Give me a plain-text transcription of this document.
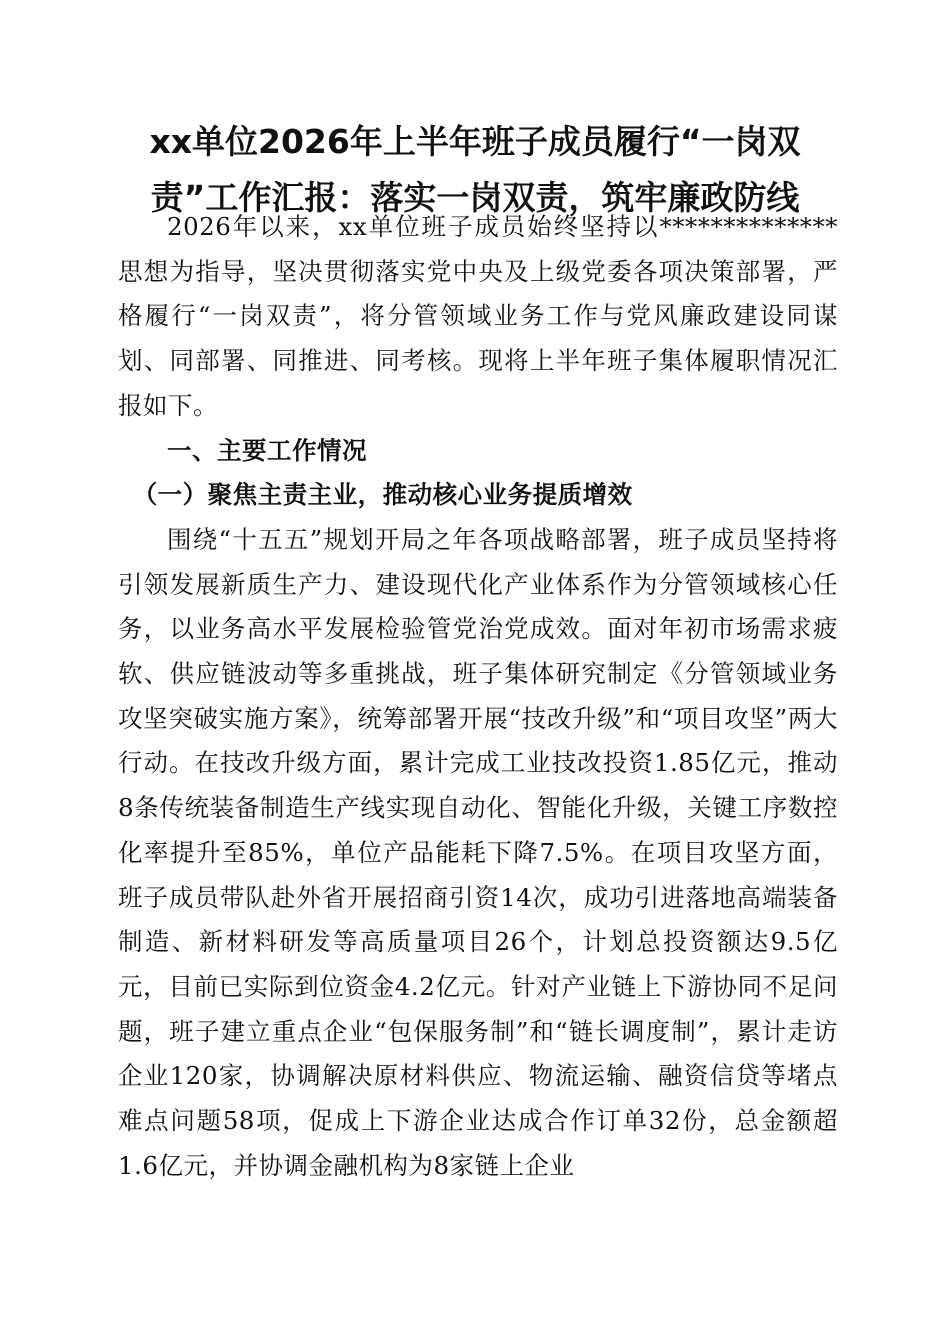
xx单位2026年上半年班子成员履行“一岗双责”工作汇报：落实一岗双责，筑牢廉政防线

2026年以来，xx单位班子成员始终坚持以**************思想为指导，坚决贯彻落实党中央及上级党委各项决策部署，严格履行“一岗双责”，将分管领域业务工作与党风廉政建设同谋划、同部署、同推进、同考核。现将上半年班子集体履职情况汇报如下。

一、主要工作情况

（一）聚焦主责主业，推动核心业务提质增效

围绕“十五五”规划开局之年各项战略部署，班子成员坚持将引领发展新质生产力、建设现代化产业体系作为分管领域核心任务，以业务高水平发展检验管党治党成效。面对年初市场需求疲软、供应链波动等多重挑战，班子集体研究制定《分管领域业务攻坚突破实施方案》，统筹部署开展“技改升级”和“项目攻坚”两大行动。在技改升级方面，累计完成工业技改投资1.85亿元，推动8条传统装备制造生产线实现自动化、智能化升级，关键工序数控化率提升至85%，单位产品能耗下降7.5%。在项目攻坚方面，班子成员带队赴外省开展招商引资14次，成功引进落地高端装备制造、新材料研发等高质量项目26个，计划总投资额达9.5亿元，目前已实际到位资金4.2亿元。针对产业链上下游协同不足问题，班子建立重点企业“包保服务制”和“链长调度制”，累计走访企业120家，协调解决原材料供应、物流运输、融资信贷等堵点难点问题58项，促成上下游企业达成合作订单32份，总金额超1.6亿元，并协调金融机构为8家链上企业
